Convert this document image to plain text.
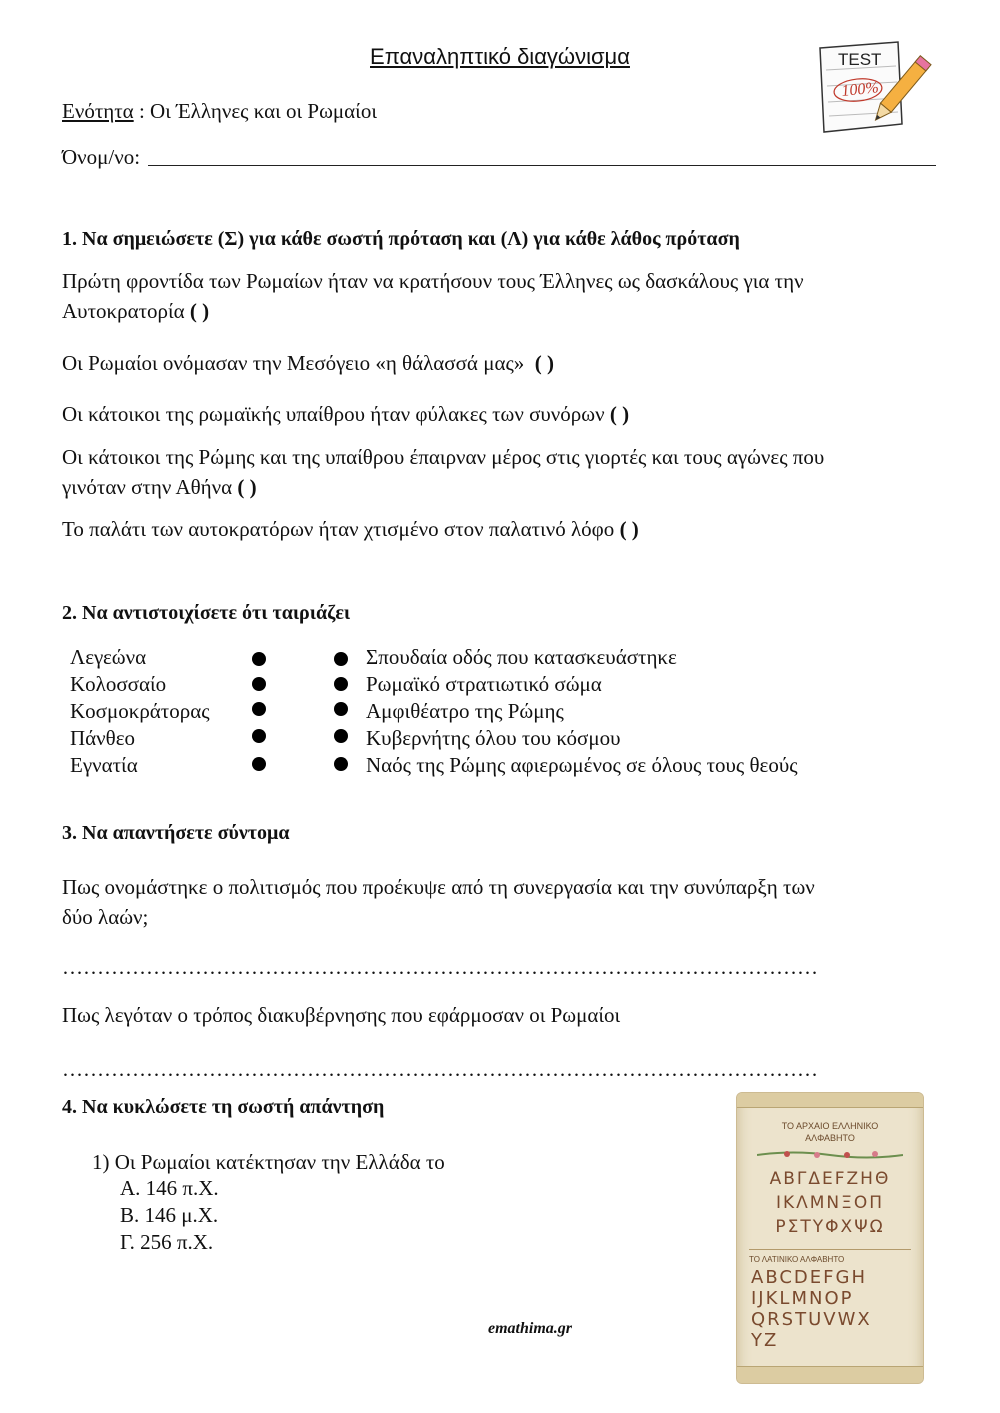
Επαναληπτικό διαγώνισμα	TEST
100%
Ενότητα : Οι Έλληνες και οι Ρωμαίοι
Όνομ/νο:
1. Να σημειώσετε (Σ) για κάθε σωστή πρόταση και (Λ) για κάθε λάθος πρόταση
Πρώτη φροντίδα των Ρωμαίων ήταν να κρατήσουν τους Έλληνες ως δασκάλους για την
Αυτοκρατορία ( )
Οι Ρωμαίοι ονόμασαν την Μεσόγειο «η θάλασσά μας» ( )
Οι κάτοικοι της ρωμαϊκής υπαίθρου ήταν φύλακες των συνόρων ( )
Οι κάτοικοι της Ρώμης και της υπαίθρου έπαιρναν μέρος στις γιορτές και τους αγώνες που
γινόταν στην Αθήνα ( )
Το παλάτι των αυτοκρατόρων ήταν χτισμένο στον παλατινό λόφο ( )
2. Να αντιστοιχίσετε ότι ταιριάζει
Λεγεώνα
Κολοσσαίο
Κοσμοκράτορας
Πάνθεο
Εγνατία
Σπουδαία οδός που κατασκευάστηκε
Ρωμαϊκό στρατιωτικό σώμα
Αμφιθέατρο της Ρώμης
Κυβερνήτης όλου του κόσμου
Ναός της Ρώμης αφιερωμένος σε όλους τους θεούς
3. Να απαντήσετε σύντομα
Πως ονομάστηκε ο πολιτισμός που προέκυψε από τη συνεργασία και την συνύπαρξη των
δύο λαών;
………………………………………………………………………………………………
Πως λεγόταν ο τρόπος διακυβέρνησης που εφάρμοσαν οι Ρωμαίοι
………………………………………………………………………………………………
4. Να κυκλώσετε τη σωστή απάντηση
1) Οι Ρωμαίοι κατέκτησαν την Ελλάδα το
Α. 146 π.Χ.
Β. 146 μ.Χ.
Γ. 256 π.Χ.
ΤΟ ΑΡΧΑΙΟ ΕΛΛΗΝΙΚΟ
ΑΛΦΑΒΗΤΟ
ΑΒΓΔΕϜΖΗΘ
ΙΚΛΜΝΞΟΠ
ΡΣΤΥΦΧΨΩ
ΤΟ ΛΑΤΙΝΙΚΟ ΑΛΦΑΒΗΤΟ
ABCDEFGH
IJKLMNOP
QRSTUVWX
YZ
emathima.gr
